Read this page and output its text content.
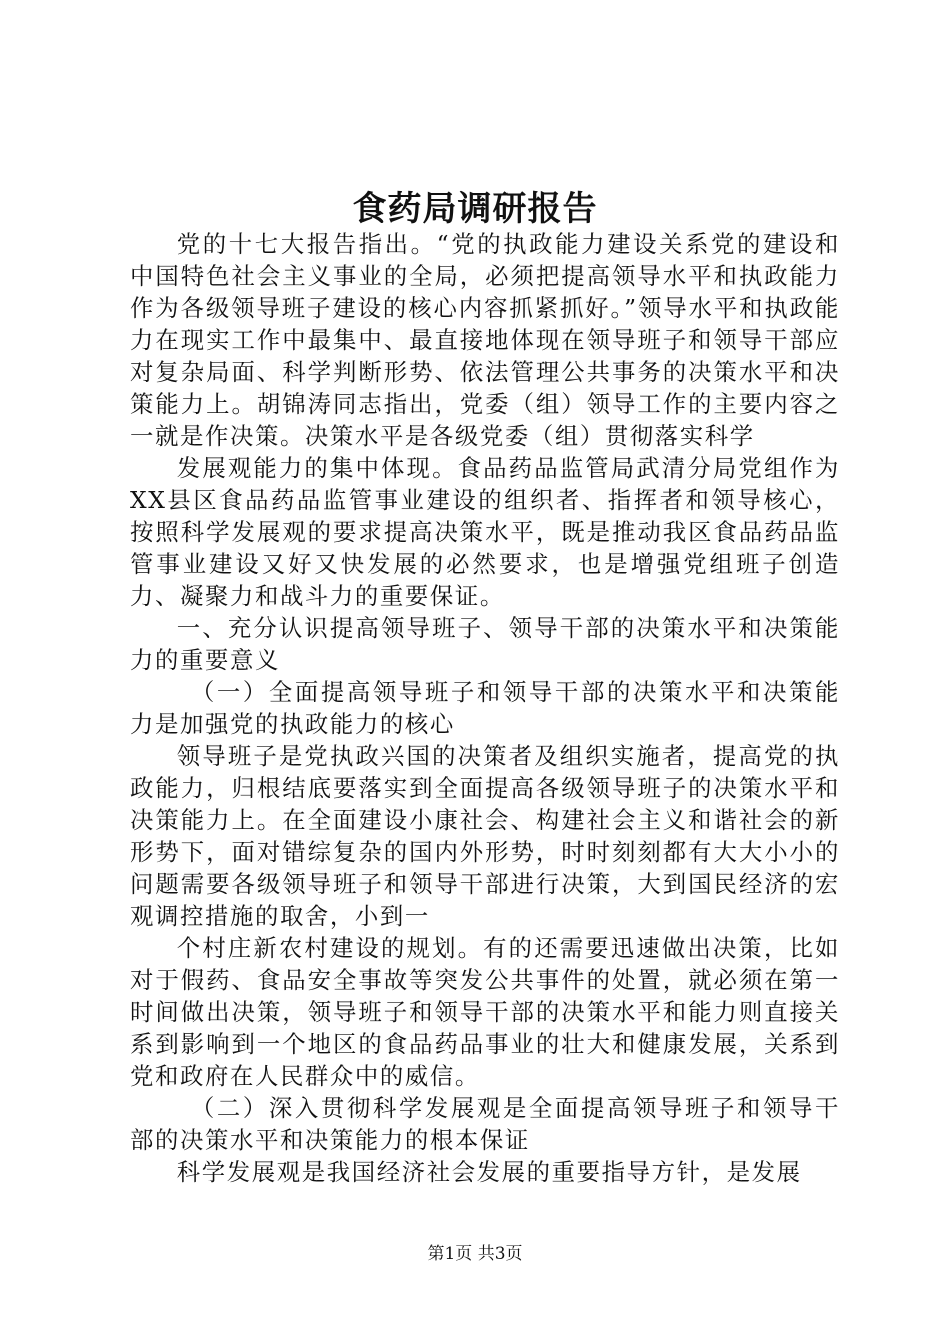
食药局调研报告

党的十七大报告指出。“党的执政能力建设关系党的建设和中国特色社会主义事业的全局，必须把提高领导水平和执政能力作为各级领导班子建设的核心内容抓紧抓好。”领导水平和执政能力在现实工作中最集中、最直接地体现在领导班子和领导干部应对复杂局面、科学判断形势、依法管理公共事务的决策水平和决策能力上。胡锦涛同志指出，党委（组）领导工作的主要内容之一就是作决策。决策水平是各级党委（组）贯彻落实科学

发展观能力的集中体现。食品药品监管局武清分局党组作为XX县区食品药品监管事业建设的组织者、指挥者和领导核心，按照科学发展观的要求提高决策水平，既是推动我区食品药品监管事业建设又好又快发展的必然要求，也是增强党组班子创造力、凝聚力和战斗力的重要保证。

一、充分认识提高领导班子、领导干部的决策水平和决策能力的重要意义

（一）全面提高领导班子和领导干部的决策水平和决策能力是加强党的执政能力的核心

领导班子是党执政兴国的决策者及组织实施者，提高党的执政能力，归根结底要落实到全面提高各级领导班子的决策水平和决策能力上。在全面建设小康社会、构建社会主义和谐社会的新形势下，面对错综复杂的国内外形势，时时刻刻都有大大小小的问题需要各级领导班子和领导干部进行决策，大到国民经济的宏观调控措施的取舍，小到一

个村庄新农村建设的规划。有的还需要迅速做出决策，比如对于假药、食品安全事故等突发公共事件的处置，就必须在第一时间做出决策，领导班子和领导干部的决策水平和能力则直接关系到影响到一个地区的食品药品事业的壮大和健康发展，关系到党和政府在人民群众中的威信。

（二）深入贯彻科学发展观是全面提高领导班子和领导干部的决策水平和决策能力的根本保证

科学发展观是我国经济社会发展的重要指导方针，是发展

第1页 共3页
